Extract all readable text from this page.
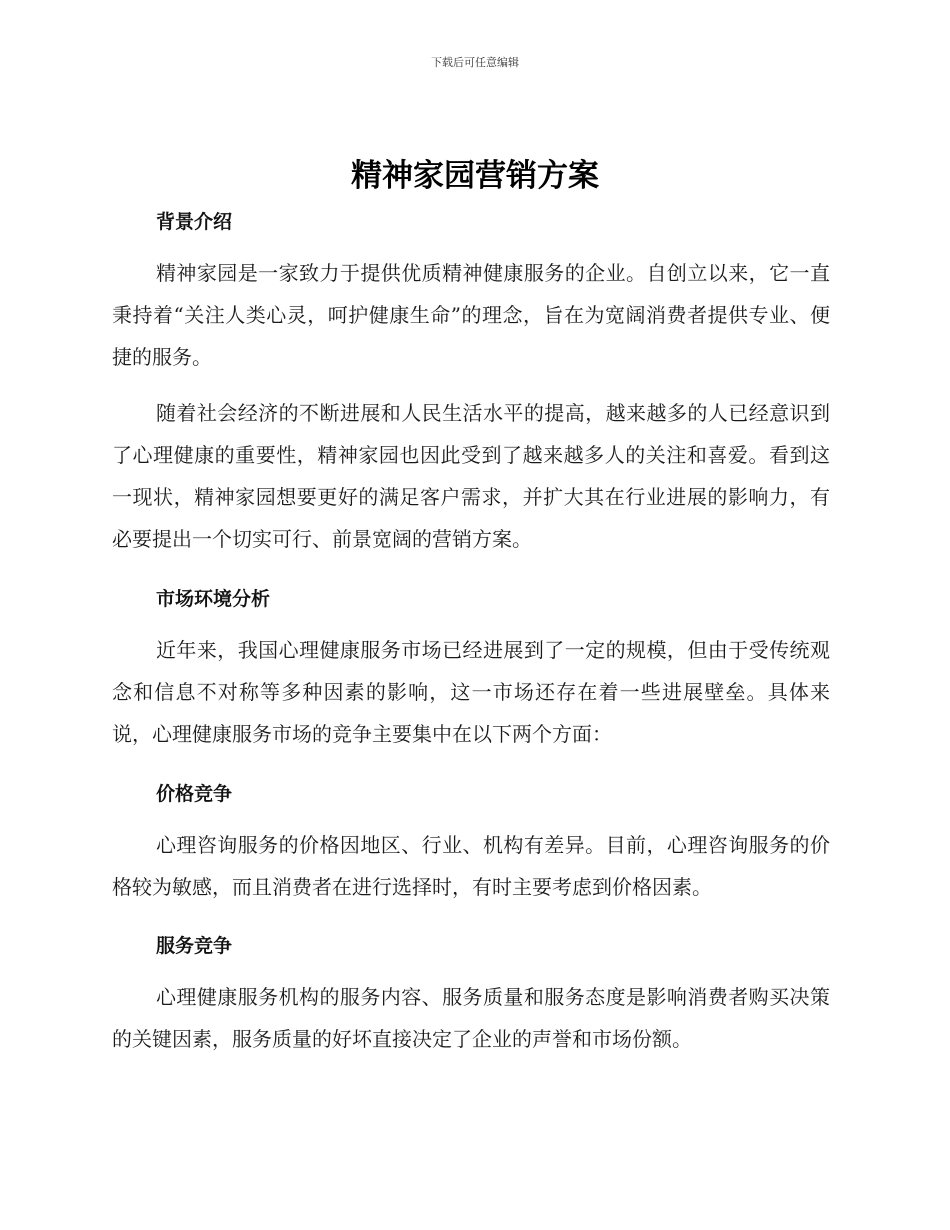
下载后可任意编辑
精神家园营销方案
背景介绍

精神家园是一家致力于提供优质精神健康服务的企业。自创立以来，它一直秉持着“关注人类心灵，呵护健康生命”的理念，旨在为宽阔消费者提供专业、便捷的服务。

随着社会经济的不断进展和人民生活水平的提高，越来越多的人已经意识到了心理健康的重要性，精神家园也因此受到了越来越多人的关注和喜爱。看到这一现状，精神家园想要更好的满足客户需求，并扩大其在行业进展的影响力，有必要提出一个切实可行、前景宽阔的营销方案。

市场环境分析

近年来，我国心理健康服务市场已经进展到了一定的规模，但由于受传统观念和信息不对称等多种因素的影响，这一市场还存在着一些进展壁垒。具体来说，心理健康服务市场的竞争主要集中在以下两个方面：

价格竞争

心理咨询服务的价格因地区、行业、机构有差异。目前，心理咨询服务的价格较为敏感，而且消费者在进行选择时，有时主要考虑到价格因素。

服务竞争

心理健康服务机构的服务内容、服务质量和服务态度是影响消费者购买决策的关键因素，服务质量的好坏直接决定了企业的声誉和市场份额。
